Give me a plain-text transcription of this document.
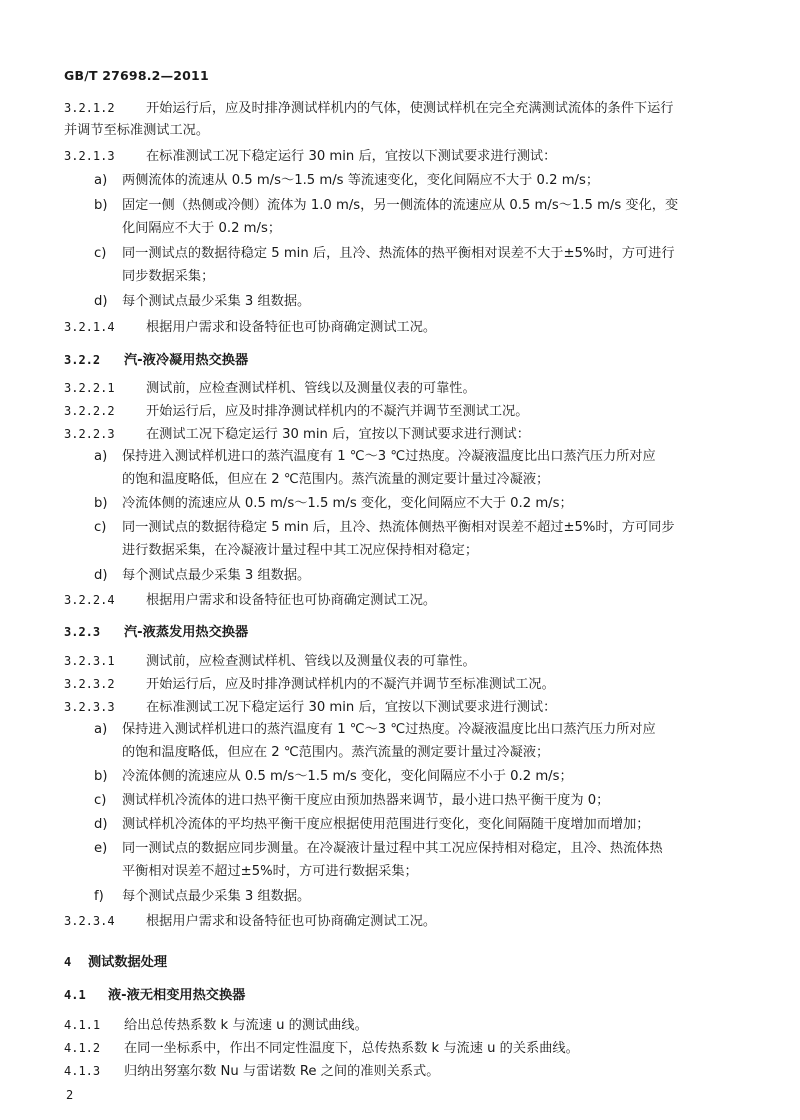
GB/T 27698.2—2011
3.2.1.2 开始运行后，应及时排净测试样机内的气体，使测试样机在完全充满测试流体的条件下运行
并调节至标准测试工况。
3.2.1.3 在标准测试工况下稳定运行 30 min 后，宜按以下测试要求进行测试：
a) 两侧流体的流速从 0.5 m/s～1.5 m/s 等流速变化，变化间隔应不大于 0.2 m/s；
b) 固定一侧（热侧或冷侧）流体为 1.0 m/s，另一侧流体的流速应从 0.5 m/s～1.5 m/s 变化，变
化间隔应不大于 0.2 m/s；
c) 同一测试点的数据待稳定 5 min 后，且冷、热流体的热平衡相对误差不大于±5%时，方可进行
同步数据采集；
d) 每个测试点最少采集 3 组数据。
3.2.1.4 根据用户需求和设备特征也可协商确定测试工况。
3.2.2 汽-液冷凝用热交换器
3.2.2.1 测试前，应检查测试样机、管线以及测量仪表的可靠性。
3.2.2.2 开始运行后，应及时排净测试样机内的不凝汽并调节至测试工况。
3.2.2.3 在测试工况下稳定运行 30 min 后，宜按以下测试要求进行测试：
a) 保持进入测试样机进口的蒸汽温度有 1 ℃～3 ℃过热度。冷凝液温度比出口蒸汽压力所对应
的饱和温度略低，但应在 2 ℃范围内。蒸汽流量的测定要计量过冷凝液；
b) 冷流体侧的流速应从 0.5 m/s～1.5 m/s 变化，变化间隔应不大于 0.2 m/s；
c) 同一测试点的数据待稳定 5 min 后，且冷、热流体侧热平衡相对误差不超过±5%时，方可同步
进行数据采集，在冷凝液计量过程中其工况应保持相对稳定；
d) 每个测试点最少采集 3 组数据。
3.2.2.4 根据用户需求和设备特征也可协商确定测试工况。
3.2.3 汽-液蒸发用热交换器
3.2.3.1 测试前，应检查测试样机、管线以及测量仪表的可靠性。
3.2.3.2 开始运行后，应及时排净测试样机内的不凝汽并调节至标准测试工况。
3.2.3.3 在标准测试工况下稳定运行 30 min 后，宜按以下测试要求进行测试：
a) 保持进入测试样机进口的蒸汽温度有 1 ℃～3 ℃过热度。冷凝液温度比出口蒸汽压力所对应
的饱和温度略低，但应在 2 ℃范围内。蒸汽流量的测定要计量过冷凝液；
b) 冷流体侧的流速应从 0.5 m/s～1.5 m/s 变化，变化间隔应不小于 0.2 m/s；
c) 测试样机冷流体的进口热平衡干度应由预加热器来调节，最小进口热平衡干度为 0；
d) 测试样机冷流体的平均热平衡干度应根据使用范围进行变化，变化间隔随干度增加而增加；
e) 同一测试点的数据应同步测量。在冷凝液计量过程中其工况应保持相对稳定，且冷、热流体热
平衡相对误差不超过±5%时，方可进行数据采集；
f) 每个测试点最少采集 3 组数据。
3.2.3.4 根据用户需求和设备特征也可协商确定测试工况。
4 测试数据处理
4.1 液-液无相变用热交换器
4.1.1 给出总传热系数 k 与流速 u 的测试曲线。
4.1.2 在同一坐标系中，作出不同定性温度下，总传热系数 k 与流速 u 的关系曲线。
4.1.3 归纳出努塞尔数 Nu 与雷诺数 Re 之间的准则关系式。
2
